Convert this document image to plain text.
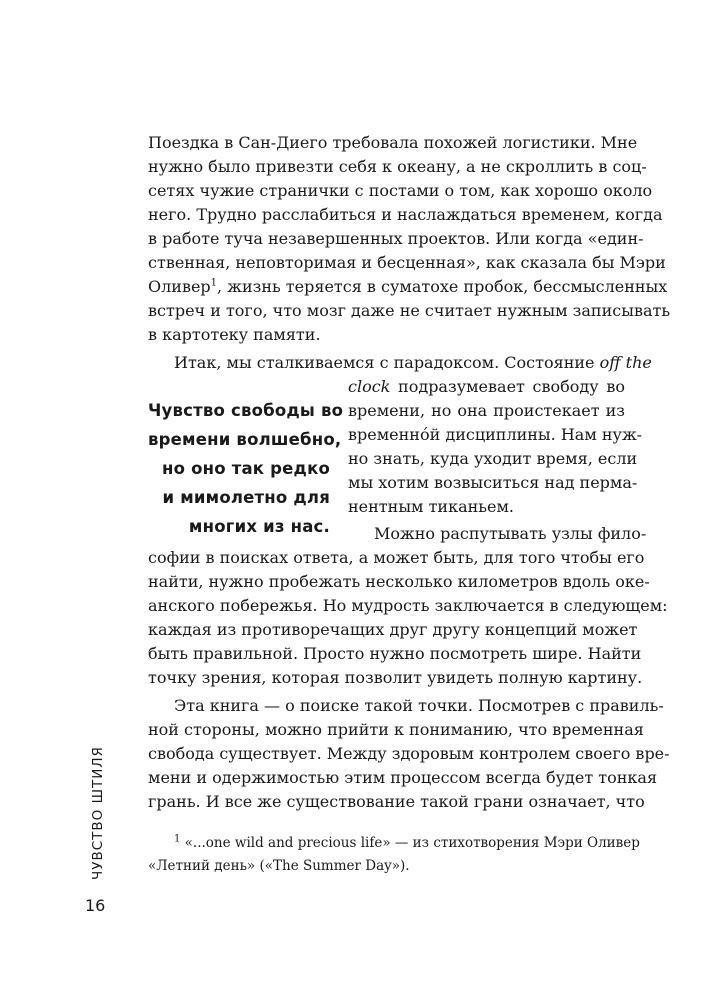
Поездка в Сан-Диего требовала похожей логистики. Мне
нужно было привезти себя к океану, а не скроллить в соц-
сетях чужие странички с постами о том, как хорошо около
него. Трудно расслабиться и наслаждаться временем, когда
в работе туча незавершенных проектов. Или когда «един-
ственная, неповторимая и бесценная», как сказала бы Мэри
Оливер$^1$ , жизнь теряется в суматохе пробок, бессмысленных
встреч и того, что мозг даже не считает нужным записывать
в картотеку памяти.
Итак, мы сталкиваемся с парадоксом. Состояние off the
clock подразумевает свободу во
времени, но она проистекает из
временнóй дисциплины. Нам нуж-
но знать, куда уходит время, если
мы хотим возвыситься над перма-
нентным тиканьем.
Чувство свободы во
времени волшебно,
но оно так редко
и мимолетно для
многих из нас.	Можно распутывать узлы фило-
софии в поисках ответа, а может быть, для того чтобы его
найти, нужно пробежать несколько километров вдоль оке-
анского побережья. Но мудрость заключается в следующем:
каждая из противоречащих друг другу концепций может
быть правильной. Просто нужно посмотреть шире. Найти
точку зрения, которая позволит увидеть полную картину.
Эта книга — о поиске такой точки. Посмотрев с правиль-
ной стороны, можно прийти к пониманию, что временная
свобода существует. Между здоровым контролем своего вре-
мени и одержимостью этим процессом всегда будет тонкая
грань. И все же существование такой грани означает, что
$^1$ «...one wild and precious life» — из стихотворения Мэри Оливер
«Летний день» («The Summer Day»).
ЧУВСТВО ШТИЛЯ
16
